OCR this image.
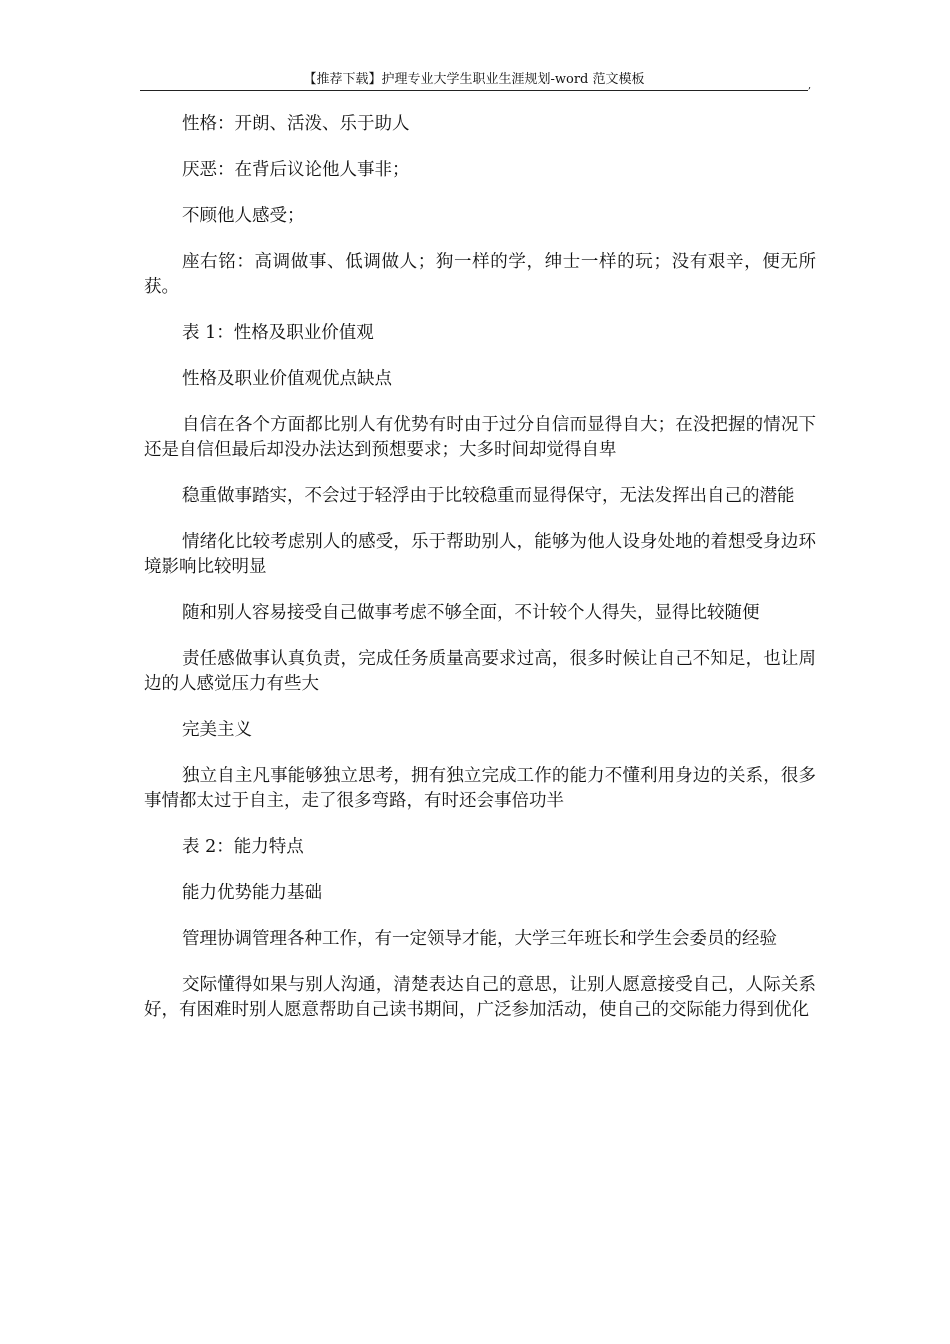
【推荐下载】护理专业大学生职业生涯规划-word 范文模板	,

性格：开朗、活泼、乐于助人

厌恶：在背后议论他人事非；

不顾他人感受；

座右铭：高调做事、低调做人；狗一样的学，绅士一样的玩；没有艰辛，便无所获。

表 1：性格及职业价值观

性格及职业价值观优点缺点

自信在各个方面都比别人有优势有时由于过分自信而显得自大；在没把握的情况下还是自信但最后却没办法达到预想要求；大多时间却觉得自卑

稳重做事踏实，不会过于轻浮由于比较稳重而显得保守，无法发挥出自己的潜能

情绪化比较考虑别人的感受，乐于帮助别人，能够为他人设身处地的着想受身边环境影响比较明显

随和别人容易接受自己做事考虑不够全面，不计较个人得失，显得比较随便

责任感做事认真负责，完成任务质量高要求过高，很多时候让自己不知足，也让周边的人感觉压力有些大

完美主义

独立自主凡事能够独立思考，拥有独立完成工作的能力不懂利用身边的关系，很多事情都太过于自主，走了很多弯路，有时还会事倍功半

表 2：能力特点

能力优势能力基础

管理协调管理各种工作，有一定领导才能，大学三年班长和学生会委员的经验

交际懂得如果与别人沟通，清楚表达自己的意思，让别人愿意接受自己，人际关系好，有困难时别人愿意帮助自己读书期间，广泛参加活动，使自己的交际能力得到优化
